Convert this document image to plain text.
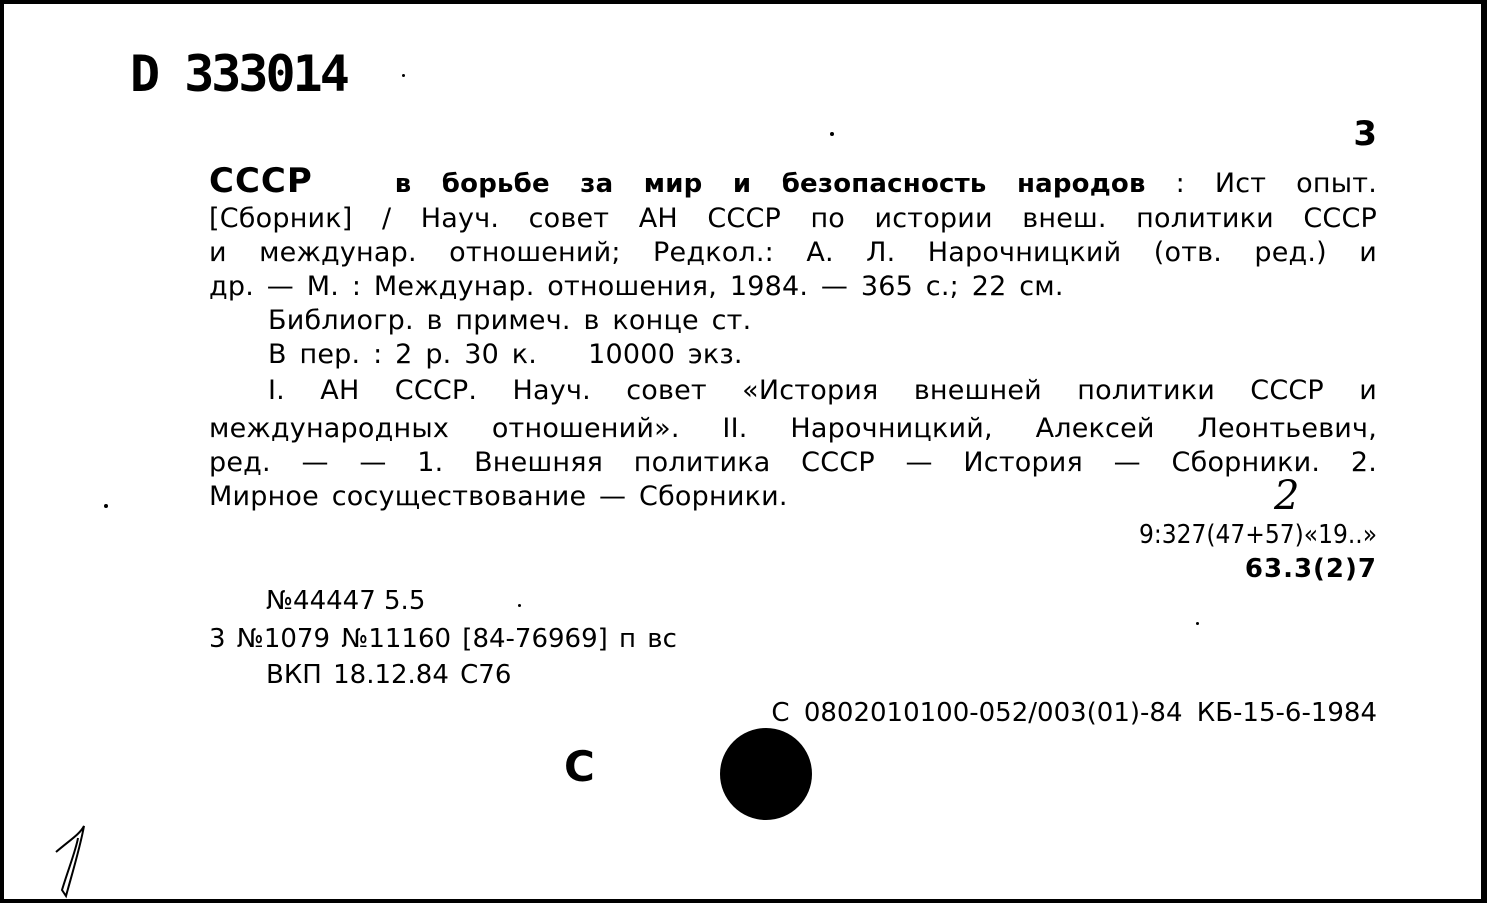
D 333014
3
СССР	в борьбе за мир и безопасность народов : Ист опыт.
[Сборник] / Науч. совет АН СССР по истории внеш. политики СССР
и междунар. отношений; Редкол.: А. Л. Нарочницкий (отв. ред.) и
др. — М. : Междунар. отношения, 1984. — 365 с.; 22 см.
Библиогр. в примеч. в конце ст.
В пер. : 2 р. 30 к.    10000 экз.
I. АН СССР. Науч. совет «История внешней политики СССР и
международных отношений». II. Нарочницкий, Алексей Леонтьевич,
ред. — — 1. Внешняя политика СССР — История — Сборники. 2.
Мирное сосуществование — Сборники.	2
9:327(47+57)«19..»
63.3(2)7
№44447 5.5
3 №1079 №11160 [84-76969] п вс
ВКП 18.12.84 С76
С 0802010100-052/003(01)-84 КБ-15-6-1984
С
